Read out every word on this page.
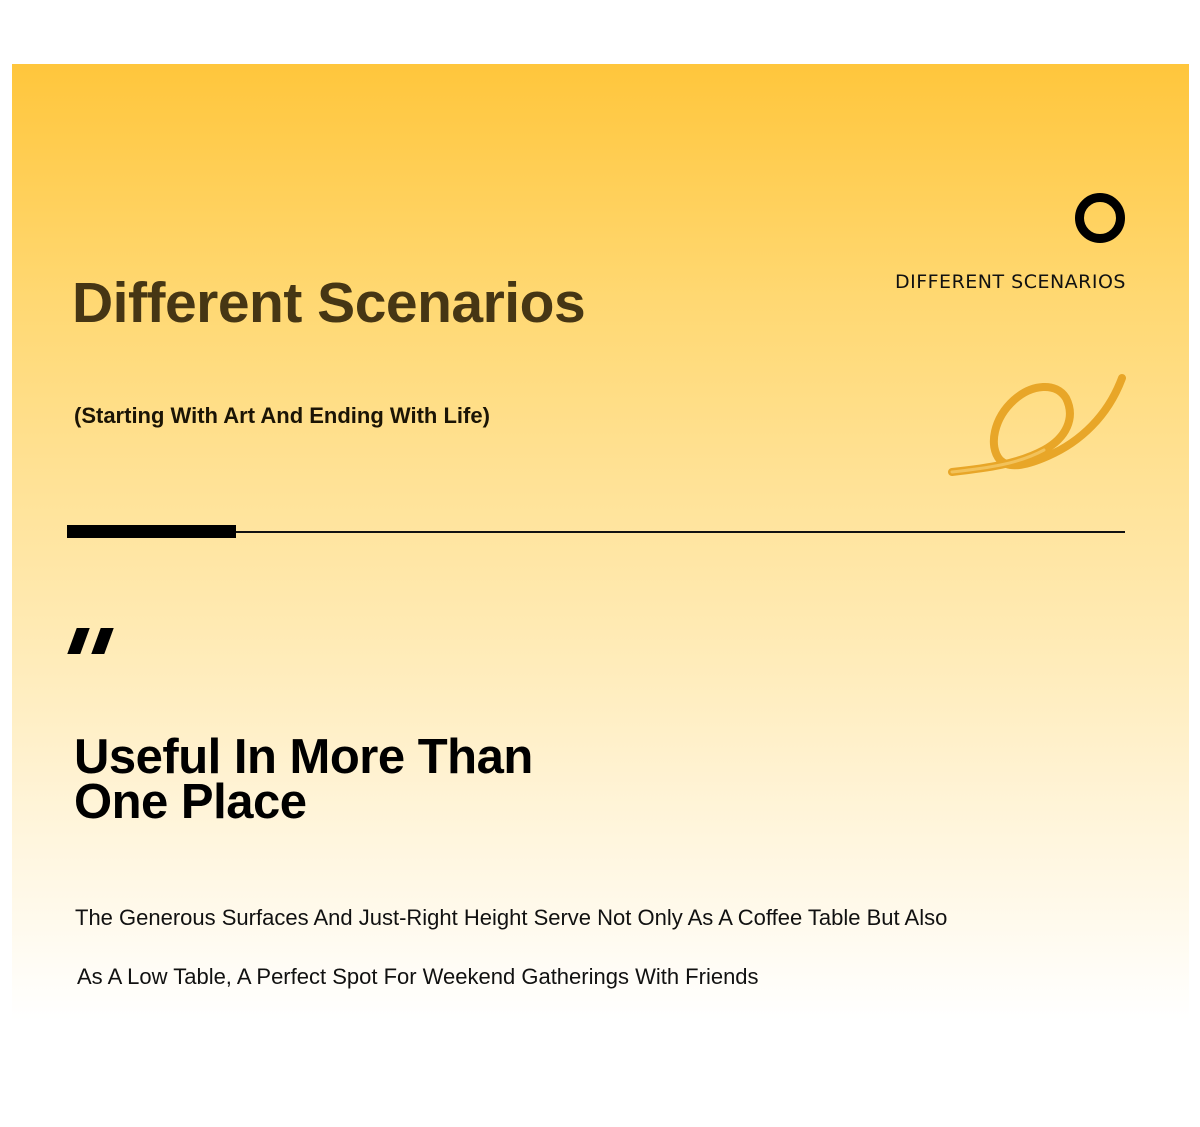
Different Scenarios
(Starting With Art And Ending With Life)
DIFFERENT SCENARIOS
Useful In More Than
One Place
The Generous Surfaces And Just-Right Height Serve Not Only As A Coffee Table But Also
As A Low Table, A Perfect Spot For Weekend Gatherings With Friends
